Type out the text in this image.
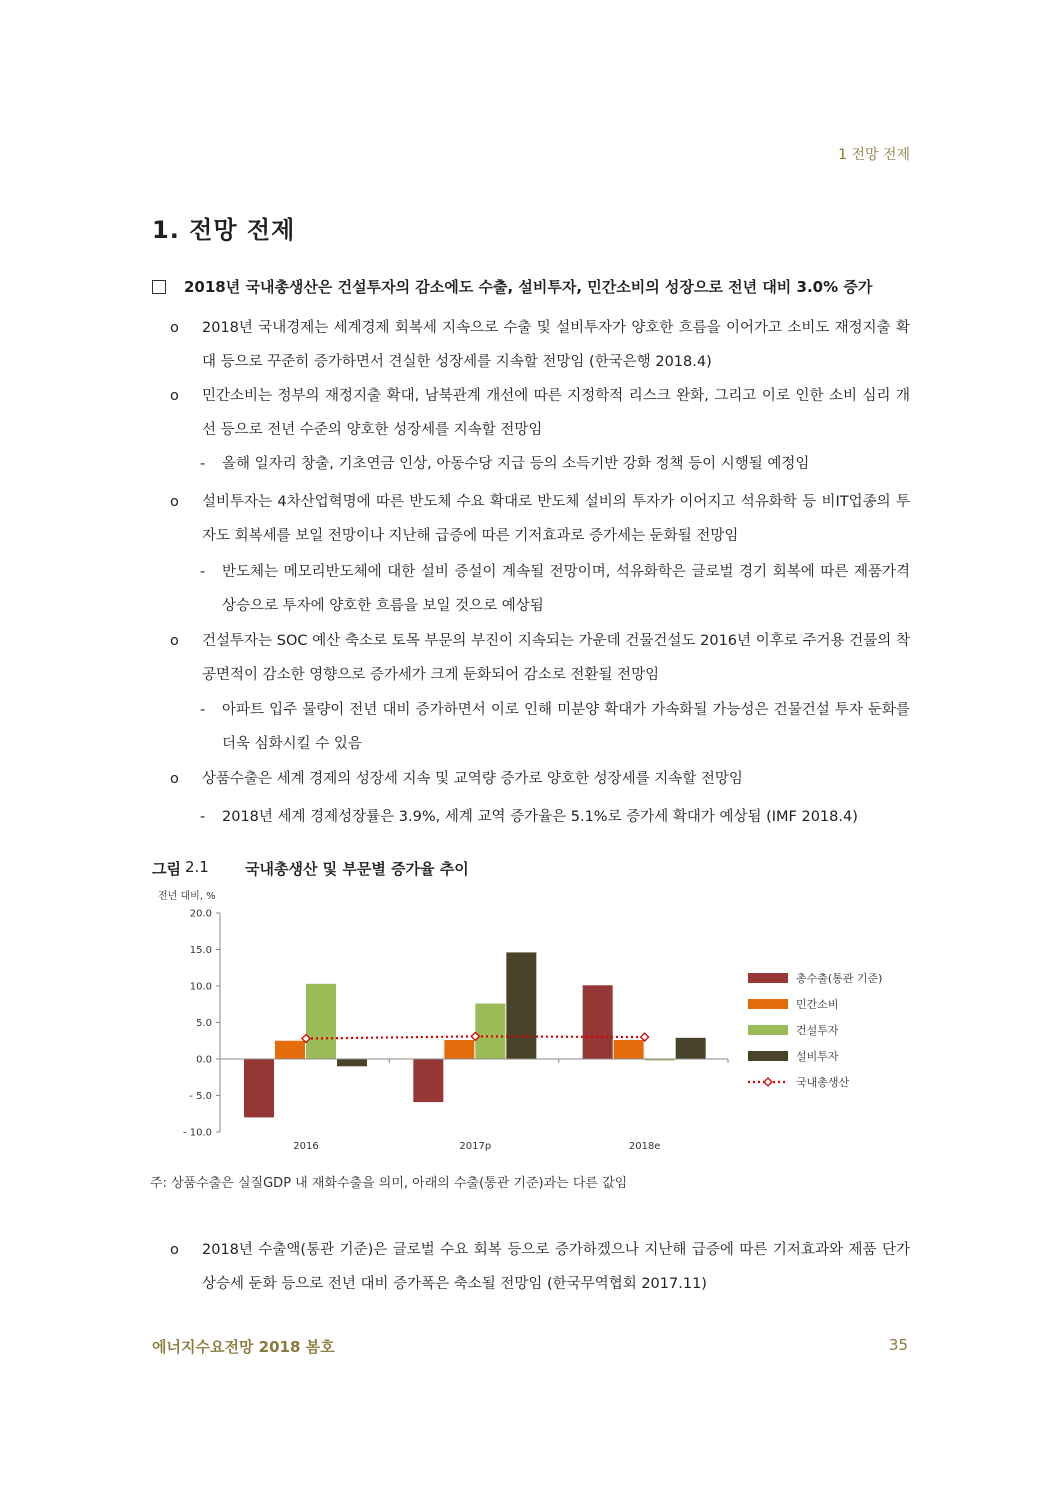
1 전망 전제
1. 전망 전제
2018년 국내총생산은 건설투자의 감소에도 수출, 설비투자, 민간소비의 성장으로 전년 대비 3.0% 증가
o	2018년 국내경제는 세계경제 회복세 지속으로 수출 및 설비투자가 양호한 흐름을 이어가고 소비도 재정지출 확대 등으로 꾸준히 증가하면서 견실한 성장세를 지속할 전망임 (한국은행 2018.4)
o	민간소비는 정부의 재정지출 확대, 남북관계 개선에 따른 지정학적 리스크 완화, 그리고 이로 인한 소비 심리 개선 등으로 전년 수준의 양호한 성장세를 지속할 전망임
-	올해 일자리 창출, 기초연금 인상, 아동수당 지급 등의 소득기반 강화 정책 등이 시행될 예정임
o	설비투자는 4차산업혁명에 따른 반도체 수요 확대로 반도체 설비의 투자가 이어지고 석유화학 등 비IT업종의 투자도 회복세를 보일 전망이나 지난해 급증에 따른 기저효과로 증가세는 둔화될 전망임
-	반도체는 메모리반도체에 대한 설비 증설이 계속될 전망이며, 석유화학은 글로벌 경기 회복에 따른 제품가격 상승으로 투자에 양호한 흐름을 보일 것으로 예상됨
o	건설투자는 SOC 예산 축소로 토목 부문의 부진이 지속되는 가운데 건물건설도 2016년 이후로 주거용 건물의 착공면적이 감소한 영향으로 증가세가 크게 둔화되어 감소로 전환될 전망임
-	아파트 입주 물량이 전년 대비 증가하면서 이로 인해 미분양 확대가 가속화될 가능성은 건물건설 투자 둔화를 더욱 심화시킬 수 있음
o	상품수출은 세계 경제의 성장세 지속 및 교역량 증가로 양호한 성장세를 지속할 전망임
-	2018년 세계 경제성장률은 3.9%, 세계 교역 증가율은 5.1%로 증가세 확대가 예상됨 (IMF 2018.4)
그림 2.1	국내총생산 및 부문별 증가율 추이
전년 대비, %
20.0
15.0
10.0
5.0
0.0
- 5.0
- 10.0
2016	2017p	2018e
총수출(통관 기준)
민간소비
건설투자
설비투자
국내총생산
주: 상품수출은 실질GDP 내 재화수출을 의미, 아래의 수출(통관 기준)과는 다른 값임
o	2018년 수출액(통관 기준)은 글로벌 수요 회복 등으로 증가하겠으나 지난해 급증에 따른 기저효과와 제품 단가 상승세 둔화 등으로 전년 대비 증가폭은 축소될 전망임 (한국무역협회 2017.11)
에너지수요전망 2018 봄호	35
